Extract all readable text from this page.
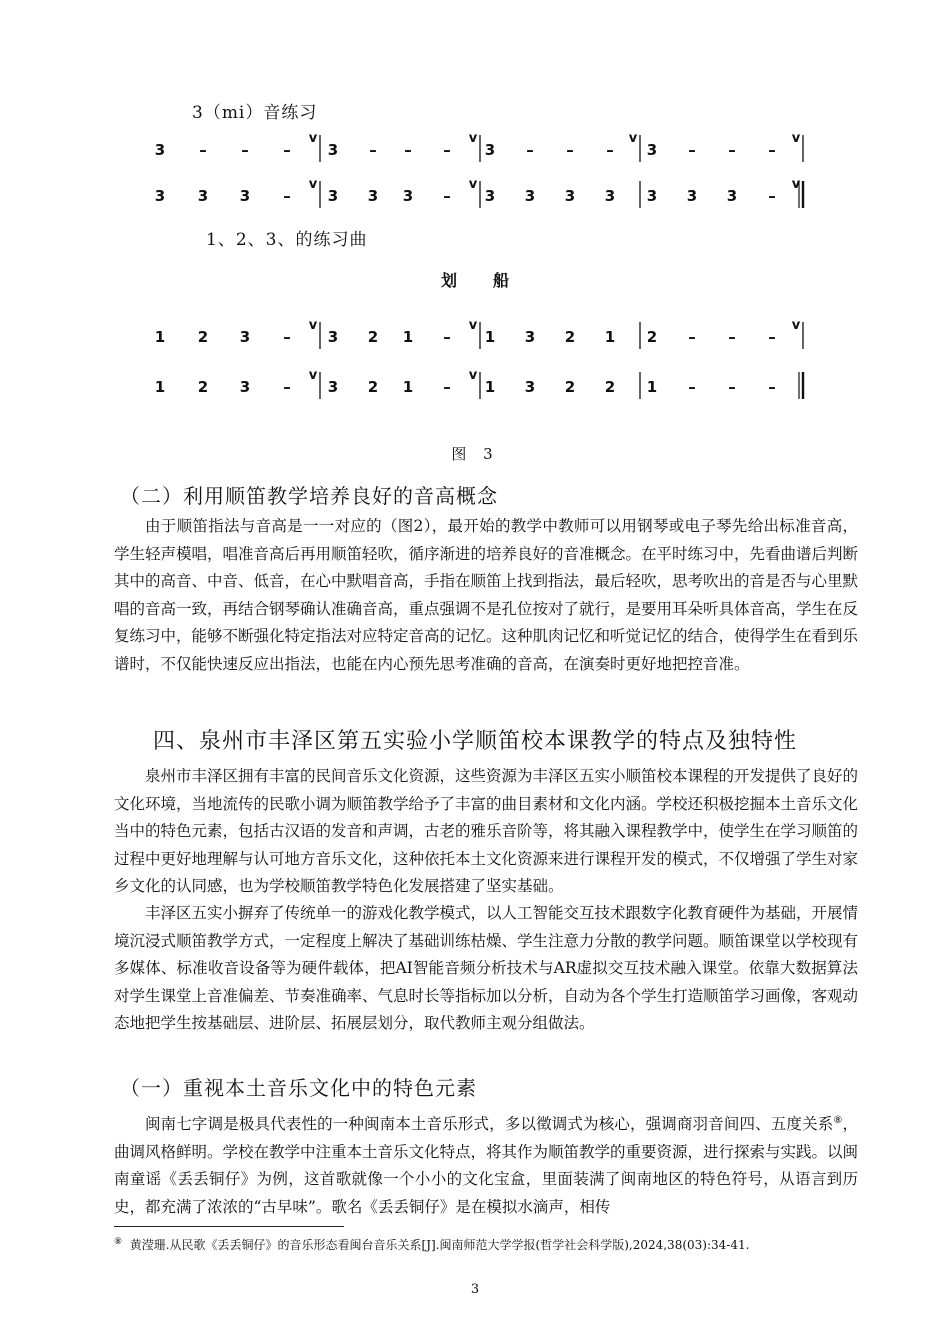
3（mi）音练习
3 – – –
v
3 – – –
v
3 – – –
v
3 – – –
v
3 3 3 –
v
3 3 3 –
v
3 3 3 3 3 3 3 –
v
1 2 3 –
v
3 2 1 –
v
1 3 2 1 2 – – –
v
1 2 3 –
v
3 2 1 –
v
1 3 2 2 1 – – –
1、2、3、的练习曲
划船
图 3
（二）利用顺笛教学培养良好的音高概念
由于顺笛指法与音高是一一对应的（图2），最开始的教学中教师可以用钢琴或电子琴先给出标准音高，学生轻声模唱，唱准音高后再用顺笛轻吹，循序渐进的培养良好的音准概念。在平时练习中，先看曲谱后判断其中的高音、中音、低音，在心中默唱音高，手指在顺笛上找到指法，最后轻吹，思考吹出的音是否与心里默唱的音高一致，再结合钢琴确认准确音高，重点强调不是孔位按对了就行，是要用耳朵听具体音高，学生在反复练习中，能够不断强化特定指法对应特定音高的记忆。这种肌肉记忆和听觉记忆的结合，使得学生在看到乐谱时，不仅能快速反应出指法，也能在内心预先思考准确的音高，在演奏时更好地把控音准。
四、泉州市丰泽区第五实验小学顺笛校本课教学的特点及独特性
泉州市丰泽区拥有丰富的民间音乐文化资源，这些资源为丰泽区五实小顺笛校本课程的开发提供了良好的文化环境，当地流传的民歌小调为顺笛教学给予了丰富的曲目素材和文化内涵。学校还积极挖掘本土音乐文化当中的特色元素，包括古汉语的发音和声调，古老的雅乐音阶等，将其融入课程教学中，使学生在学习顺笛的过程中更好地理解与认可地方音乐文化，这种依托本土文化资源来进行课程开发的模式，不仅增强了学生对家乡文化的认同感，也为学校顺笛教学特色化发展搭建了坚实基础。
丰泽区五实小摒弃了传统单一的游戏化教学模式，以人工智能交互技术跟数字化教育硬件为基础，开展情境沉浸式顺笛教学方式，一定程度上解决了基础训练枯燥、学生注意力分散的教学问题。顺笛课堂以学校现有多媒体、标准收音设备等为硬件载体，把AI智能音频分析技术与AR虚拟交互技术融入课堂。依靠大数据算法对学生课堂上音准偏差、节奏准确率、气息时长等指标加以分析，自动为各个学生打造顺笛学习画像，客观动态地把学生按基础层、进阶层、拓展层划分，取代教师主观分组做法。
（一）重视本土音乐文化中的特色元素
闽南七字调是极具代表性的一种闽南本土音乐形式，多以徵调式为核心，强调商羽音间四、五度关系⑧，曲调风格鲜明。学校在教学中注重本土音乐文化特点，将其作为顺笛教学的重要资源，进行探索与实践。以闽南童谣《丢丢铜仔》为例，这首歌就像一个小小的文化宝盒，里面装满了闽南地区的特色符号，从语言到历史，都充满了浓浓的“古早味”。歌名《丢丢铜仔》是在模拟水滴声，相传
⑧ 黄滢珊.从民歌《丢丢铜仔》的音乐形态看闽台音乐关系[J].闽南师范大学学报(哲学社会科学版),2024,38(03):34-41.
3
